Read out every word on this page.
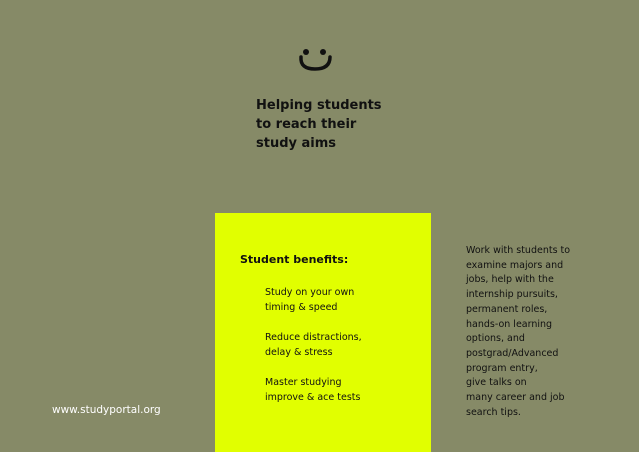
Helping students
to reach their
study aims
Student benefits:
Study on your own
timing & speed
Reduce distractions,
delay & stress
Master studying
improve & ace tests
Work with students to
examine majors and
jobs, help with the
internship pursuits,
permanent roles,
hands-on learning
options, and
postgrad/Advanced
program entry,
give talks on
many career and job
search tips.
www.studyportal.org
